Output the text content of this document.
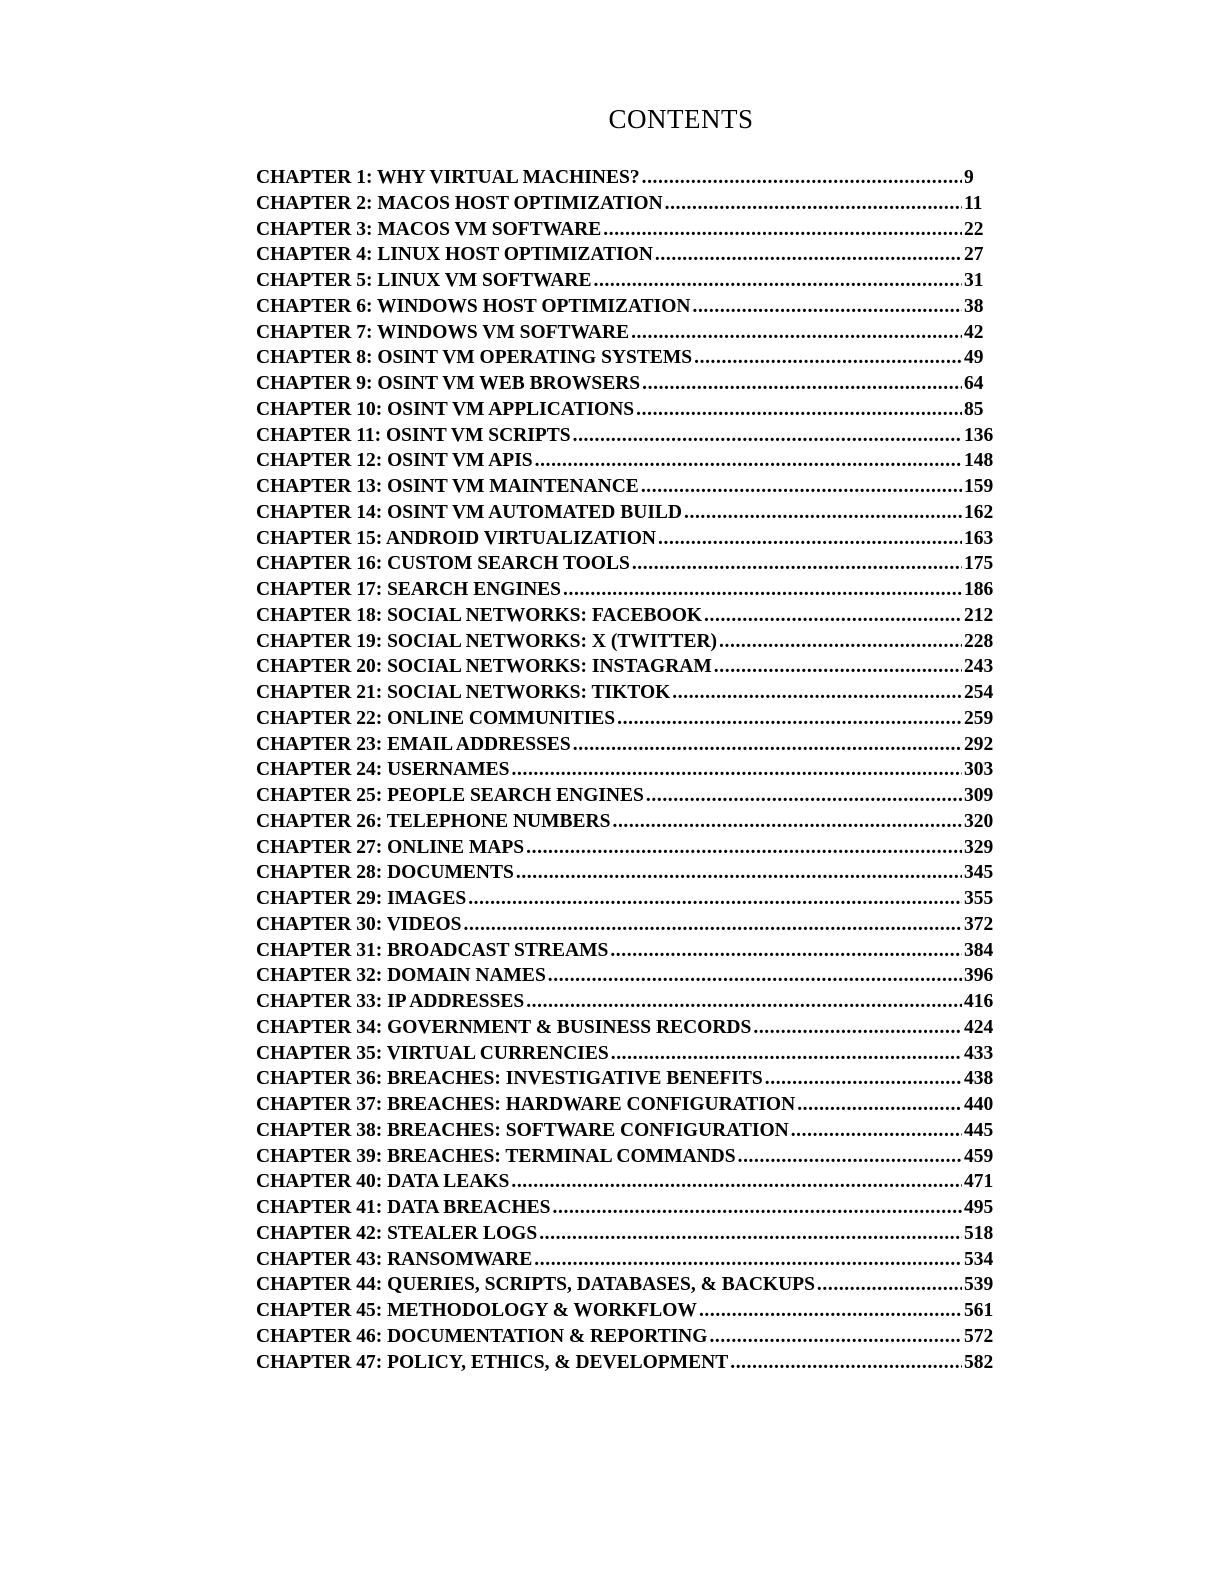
CONTENTS
CHAPTER 1: WHY VIRTUAL MACHINES? .....	9
CHAPTER 2: MACOS HOST OPTIMIZATION .....	11
CHAPTER 3: MACOS VM SOFTWARE .....	22
CHAPTER 4: LINUX HOST OPTIMIZATION .....	27
CHAPTER 5: LINUX VM SOFTWARE .....	31
CHAPTER 6: WINDOWS HOST OPTIMIZATION .....	38
CHAPTER 7: WINDOWS VM SOFTWARE .....	42
CHAPTER 8: OSINT VM OPERATING SYSTEMS .....	49
CHAPTER 9: OSINT VM WEB BROWSERS .....	64
CHAPTER 10: OSINT VM APPLICATIONS .....	85
CHAPTER 11: OSINT VM SCRIPTS .....	136
CHAPTER 12: OSINT VM APIS .....	148
CHAPTER 13: OSINT VM MAINTENANCE .....	159
CHAPTER 14: OSINT VM AUTOMATED BUILD .....	162
CHAPTER 15: ANDROID VIRTUALIZATION .....	163
CHAPTER 16: CUSTOM SEARCH TOOLS .....	175
CHAPTER 17: SEARCH ENGINES .....	186
CHAPTER 18: SOCIAL NETWORKS: FACEBOOK .....	212
CHAPTER 19: SOCIAL NETWORKS: X (TWITTER) .....	228
CHAPTER 20: SOCIAL NETWORKS: INSTAGRAM .....	243
CHAPTER 21: SOCIAL NETWORKS: TIKTOK .....	254
CHAPTER 22: ONLINE COMMUNITIES .....	259
CHAPTER 23: EMAIL ADDRESSES .....	292
CHAPTER 24: USERNAMES .....	303
CHAPTER 25: PEOPLE SEARCH ENGINES .....	309
CHAPTER 26: TELEPHONE NUMBERS .....	320
CHAPTER 27: ONLINE MAPS .....	329
CHAPTER 28: DOCUMENTS .....	345
CHAPTER 29: IMAGES .....	355
CHAPTER 30: VIDEOS .....	372
CHAPTER 31: BROADCAST STREAMS .....	384
CHAPTER 32: DOMAIN NAMES .....	396
CHAPTER 33: IP ADDRESSES .....	416
CHAPTER 34: GOVERNMENT & BUSINESS RECORDS .....	424
CHAPTER 35: VIRTUAL CURRENCIES .....	433
CHAPTER 36: BREACHES: INVESTIGATIVE BENEFITS .....	438
CHAPTER 37: BREACHES: HARDWARE CONFIGURATION .....	440
CHAPTER 38: BREACHES: SOFTWARE CONFIGURATION .....	445
CHAPTER 39: BREACHES: TERMINAL COMMANDS .....	459
CHAPTER 40: DATA LEAKS .....	471
CHAPTER 41: DATA BREACHES .....	495
CHAPTER 42: STEALER LOGS .....	518
CHAPTER 43: RANSOMWARE .....	534
CHAPTER 44: QUERIES, SCRIPTS, DATABASES, & BACKUPS .....	539
CHAPTER 45: METHODOLOGY & WORKFLOW .....	561
CHAPTER 46: DOCUMENTATION & REPORTING .....	572
CHAPTER 47: POLICY, ETHICS, & DEVELOPMENT .....	582
